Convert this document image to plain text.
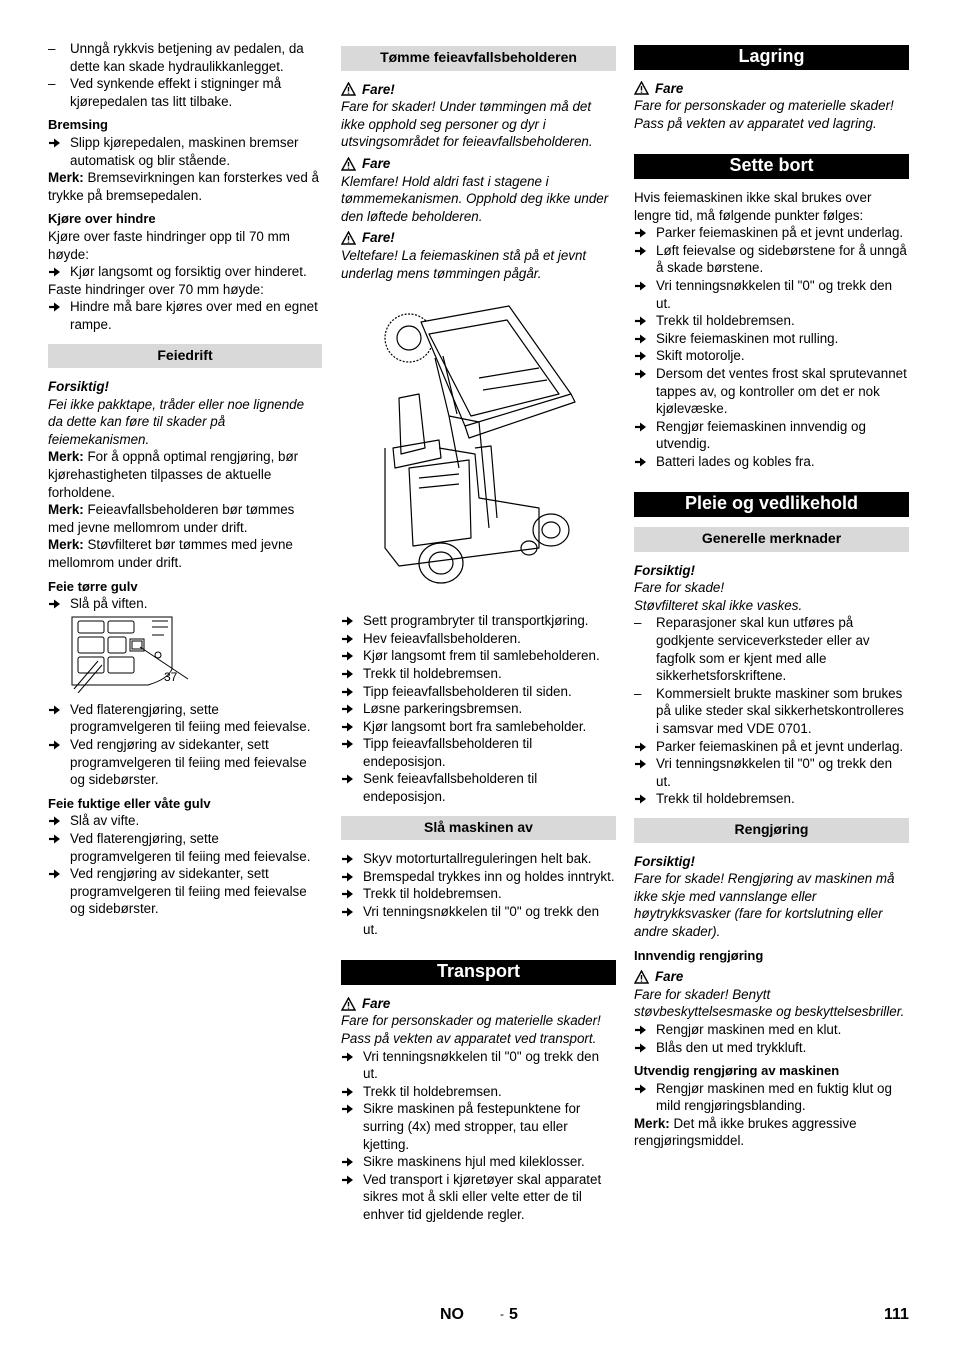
–	Unngå rykkvis betjening av pedalen, da dette kan skade hydraulikkanlegget.
–	Ved synkende effekt i stigninger må kjørepedalen tas litt tilbake.

Bremsing

Slipp kjørepedalen, maskinen bremser automatisk og blir stående.

Merk: Bremsevirkningen kan forsterkes ved å trykke på bremsepedalen.

Kjøre over hindre

Kjøre over faste hindringer opp til 70 mm høyde:

Kjør langsomt og forsiktig over hinderet.

Faste hindringer over 70 mm høyde:

Hindre må bare kjøres over med en egnet rampe.
Feiedrift

Forsiktig!

Fei ikke pakktape, tråder eller noe lignende da dette kan føre til skader på feiemekanismen.

Merk: For å oppnå optimal rengjøring, bør kjørehastigheten tilpasses de aktuelle forholdene.

Merk: Feieavfallsbeholderen bør tømmes med jevne mellomrom under drift.

Merk: Støvfilteret bør tømmes med jevne mellomrom under drift.

Feie tørre gulv

Slå på viften.
37
Ved flaterengjøring, sette programvelgeren til feiing med feievalse.
Ved rengjøring av sidekanter, sett programvelgeren til feiing med feievalse og sidebørster.

Feie fuktige eller våte gulv

Slå av vifte.
Ved flaterengjøring, sette programvelgeren til feiing med feievalse.
Ved rengjøring av sidekanter, sett programvelgeren til feiing med feievalse og sidebørster.
Tømme feieavfallsbeholderen
Fare!

Fare for skader! Under tømmingen må det ikke opphold seg personer og dyr i utsvingsområdet for feieavfallsbeholderen.

Fare

Klemfare! Hold aldri fast i stagene i tømmemekanismen. Opphold deg ikke under den løftede beholderen.

Fare!

Veltefare! La feiemaskinen stå på et jevnt underlag mens tømmingen pågår.

Sett programbryter til transportkjøring.
Hev feieavfallsbeholderen.
Kjør langsomt frem til samlebeholderen.
Trekk til holdebremsen.
Tipp feieavfallsbeholderen til siden.
Løsne parkeringsbremsen.
Kjør langsomt bort fra samlebeholder.
Tipp feieavfallsbeholderen til endeposisjon.
Senk feieavfallsbeholderen til endeposisjon.
Slå maskinen av
Skyv motorturtallreguleringen helt bak.
Bremspedal trykkes inn og holdes inntrykt.
Trekk til holdebremsen.
Vri tenningsnøkkelen til "0" og trekk den ut.
Transport
Fare

Fare for personskader og materielle skader! Pass på vekten av apparatet ved transport.

Vri tenningsnøkkelen til "0" og trekk den ut.
Trekk til holdebremsen.
Sikre maskinen på festepunktene for surring (4x) med stropper, tau eller kjetting.
Sikre maskinens hjul med kileklosser.
Ved transport i kjøretøyer skal apparatet sikres mot å skli eller velte etter de til enhver tid gjeldende regler.
Lagring
Fare

Fare for personskader og materielle skader! Pass på vekten av apparatet ved lagring.

Sette bort

Hvis feiemaskinen ikke skal brukes over lengre tid, må følgende punkter følges:

Parker feiemaskinen på et jevnt underlag.
Løft feievalse og sidebørstene for å unngå å skade børstene.
Vri tenningsnøkkelen til "0" og trekk den ut.
Trekk til holdebremsen.
Sikre feiemaskinen mot rulling.
Skift motorolje.
Dersom det ventes frost skal sprutevannet tappes av, og kontroller om det er nok kjølevæske.
Rengjør feiemaskinen innvendig og utvendig.
Batteri lades og kobles fra.
Pleie og vedlikehold
Generelle merknader

Forsiktig!

Fare for skade!

Støvfilteret skal ikke vaskes.

–	Reparasjoner skal kun utføres på godkjente serviceverksteder eller av fagfolk som er kjent med alle sikkerhetsforskriftene.
–	Kommersielt brukte maskiner som brukes på ulike steder skal sikkerhetskontrolleres i samsvar med VDE 0701.
Parker feiemaskinen på et jevnt underlag.
Vri tenningsnøkkelen til "0" og trekk den ut.
Trekk til holdebremsen.
Rengjøring

Forsiktig!

Fare for skade! Rengjøring av maskinen må ikke skje med vannslange eller høytrykksvasker (fare for kortslutning eller andre skader).

Innvendig rengjøring

Fare

Fare for skader! Benytt støvbeskyttelsesmaske og beskyttelsesbriller.

Rengjør maskinen med en klut.
Blås den ut med trykkluft.

Utvendig rengjøring av maskinen

Rengjør maskinen med en fuktig klut og mild rengjøringsblanding.

Merk: Det må ikke brukes aggressive rengjøringsmiddel.

NO	- 5	111
